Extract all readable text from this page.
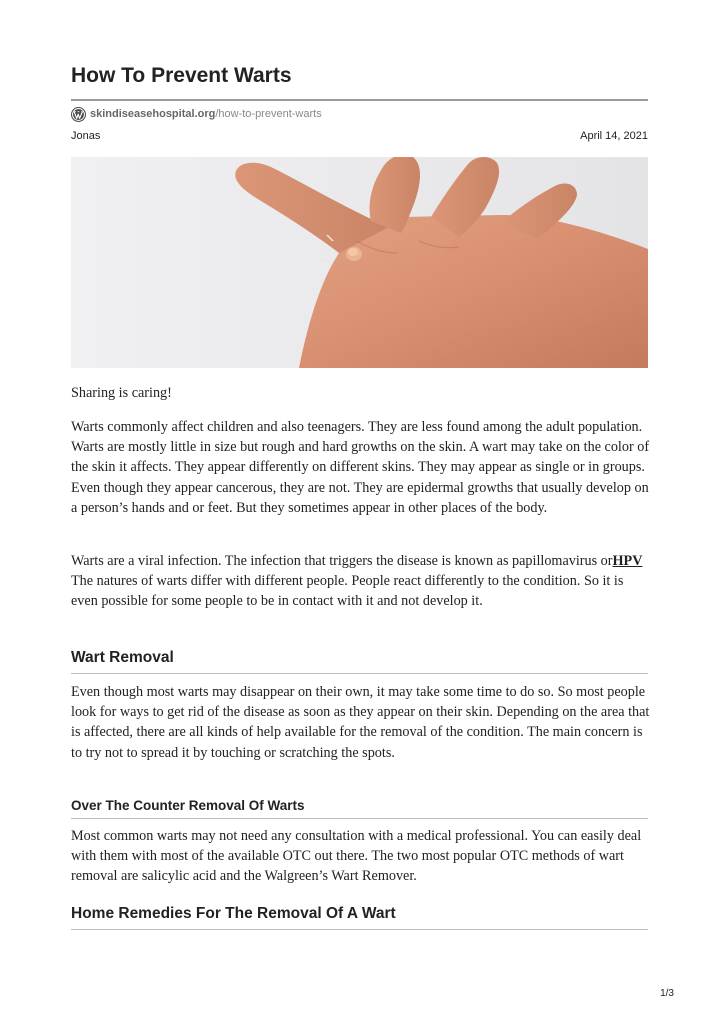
How To Prevent Warts
skindiseasehospital.org /how-to-prevent-warts
Jonas	April 14, 2021

Sharing is caring!

Warts commonly affect children and also teenagers. They are less found among the adult population. Warts are mostly little in size but rough and hard growths on the skin. A wart may take on the color of the skin it affects. They appear differently on different skins. They may appear as single or in groups. Even though they appear cancerous, they are not. They are epidermal growths that usually develop on a person’s hands and or feet. But they sometimes appear in other places of the body.

Warts are a viral infection. The infection that triggers the disease is known as papillomavirus orHPV The natures of warts differ with different people. People react differently to the condition. So it is even possible for some people to be in contact with it and not develop it.

Wart Removal

Even though most warts may disappear on their own, it may take some time to do so. So most people look for ways to get rid of the disease as soon as they appear on their skin. Depending on the area that is affected, there are all kinds of help available for the removal of the condition. The main concern is to try not to spread it by touching or scratching the spots.

Over The Counter Removal Of Warts

Most common warts may not need any consultation with a medical professional. You can easily deal with them with most of the available OTC out there. The two most popular OTC methods of wart removal are salicylic acid and the Walgreen’s Wart Remover.

Home Remedies For The Removal Of A Wart
1/3
